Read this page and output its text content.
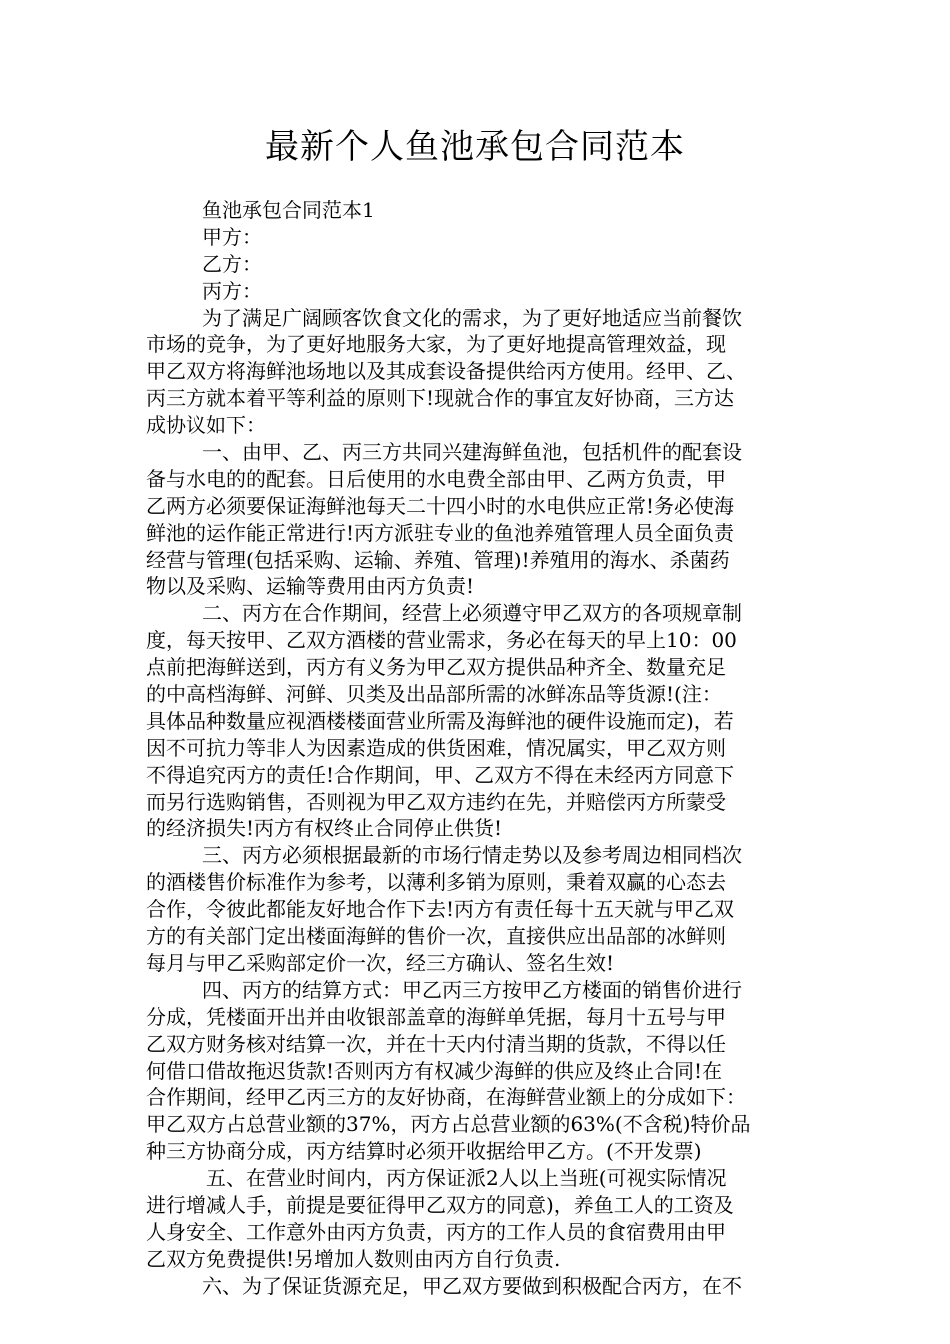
最新个人鱼池承包合同范本

鱼池承包合同范本1

甲方：

乙方：

丙方：

为了满足广阔顾客饮食文化的需求，为了更好地适应当前餐饮

市场的竞争，为了更好地服务大家，为了更好地提高管理效益，现

甲乙双方将海鲜池场地以及其成套设备提供给丙方使用。经甲、乙、

丙三方就本着平等利益的原则下!现就合作的事宜友好协商，三方达

成协议如下：

一、由甲、乙、丙三方共同兴建海鲜鱼池，包括机件的配套设

备与水电的的配套。日后使用的水电费全部由甲、乙两方负责，甲

乙两方必须要保证海鲜池每天二十四小时的水电供应正常!务必使海

鲜池的运作能正常进行!丙方派驻专业的鱼池养殖管理人员全面负责

经营与管理(包括采购、运输、养殖、管理)!养殖用的海水、杀菌药

物以及采购、运输等费用由丙方负责!

二、丙方在合作期间，经营上必须遵守甲乙双方的各项规章制

度，每天按甲、乙双方酒楼的营业需求，务必在每天的早上10：00

点前把海鲜送到，丙方有义务为甲乙双方提供品种齐全、数量充足

的中高档海鲜、河鲜、贝类及出品部所需的冰鲜冻品等货源!(注：

具体品种数量应视酒楼楼面营业所需及海鲜池的硬件设施而定)，若

因不可抗力等非人为因素造成的供货困难，情况属实，甲乙双方则

不得追究丙方的责任!合作期间，甲、乙双方不得在未经丙方同意下

而另行选购销售，否则视为甲乙双方违约在先，并赔偿丙方所蒙受

的经济损失!丙方有权终止合同停止供货!

三、丙方必须根据最新的市场行情走势以及参考周边相同档次

的酒楼售价标准作为参考，以薄利多销为原则，秉着双赢的心态去

合作，令彼此都能友好地合作下去!丙方有责任每十五天就与甲乙双

方的有关部门定出楼面海鲜的售价一次，直接供应出品部的冰鲜则

每月与甲乙采购部定价一次，经三方确认、签名生效!

四、丙方的结算方式：甲乙丙三方按甲乙方楼面的销售价进行

分成，凭楼面开出并由收银部盖章的海鲜单凭据，每月十五号与甲

乙双方财务核对结算一次，并在十天内付清当期的货款，不得以任

何借口借故拖迟货款!否则丙方有权减少海鲜的供应及终止合同!在

合作期间，经甲乙丙三方的友好协商，在海鲜营业额上的分成如下：

甲乙双方占总营业额的37%，丙方占总营业额的63%(不含税)特价品

种三方协商分成，丙方结算时必须开收据给甲乙方。(不开发票)

五、在营业时间内，丙方保证派2人以上当班(可视实际情况

进行增减人手，前提是要征得甲乙双方的同意)，养鱼工人的工资及

人身安全、工作意外由丙方负责，丙方的工作人员的食宿费用由甲

乙双方免费提供!另增加人数则由丙方自行负责.

六、为了保证货源充足，甲乙双方要做到积极配合丙方，在不
